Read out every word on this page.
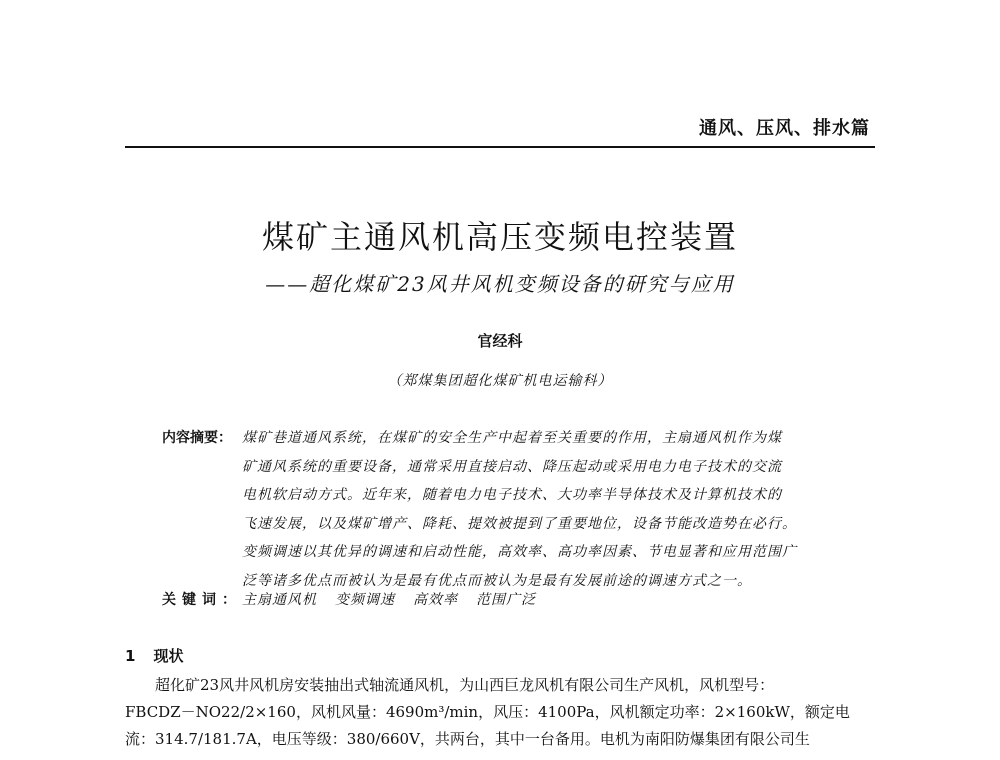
通风、压风、排水篇
煤矿主通风机高压变频电控装置
——超化煤矿23风井风机变频设备的研究与应用
官经科
（郑煤集团超化煤矿机电运输科）
内容摘要： 煤矿巷道通风系统，在煤矿的安全生产中起着至关重要的作用，主扇通风机作为煤
矿通风系统的重要设备，通常采用直接启动、降压起动或采用电力电子技术的交流
电机软启动方式。近年来，随着电力电子技术、大功率半导体技术及计算机技术的
飞速发展，以及煤矿增产、降耗、提效被提到了重要地位，设备节能改造势在必行。
变频调速以其优异的调速和启动性能，高效率、高功率因素、节电显著和应用范围广
泛等诸多优点而被认为是最有优点而被认为是最有发展前途的调速方式之一。
关键词：主扇通风机 变频调速 高效率 范围广泛
1 现状
超化矿23风井风机房安装抽出式轴流通风机，为山西巨龙风机有限公司生产风机，风机型号：
FBCDZ－NO22/2×160，风机风量：4690m³/min，风压：4100Pa，风机额定功率：2×160kW，额定电
流：314.7/181.7A，电压等级：380/660V，共两台，其中一台备用。电机为南阳防爆集团有限公司生
